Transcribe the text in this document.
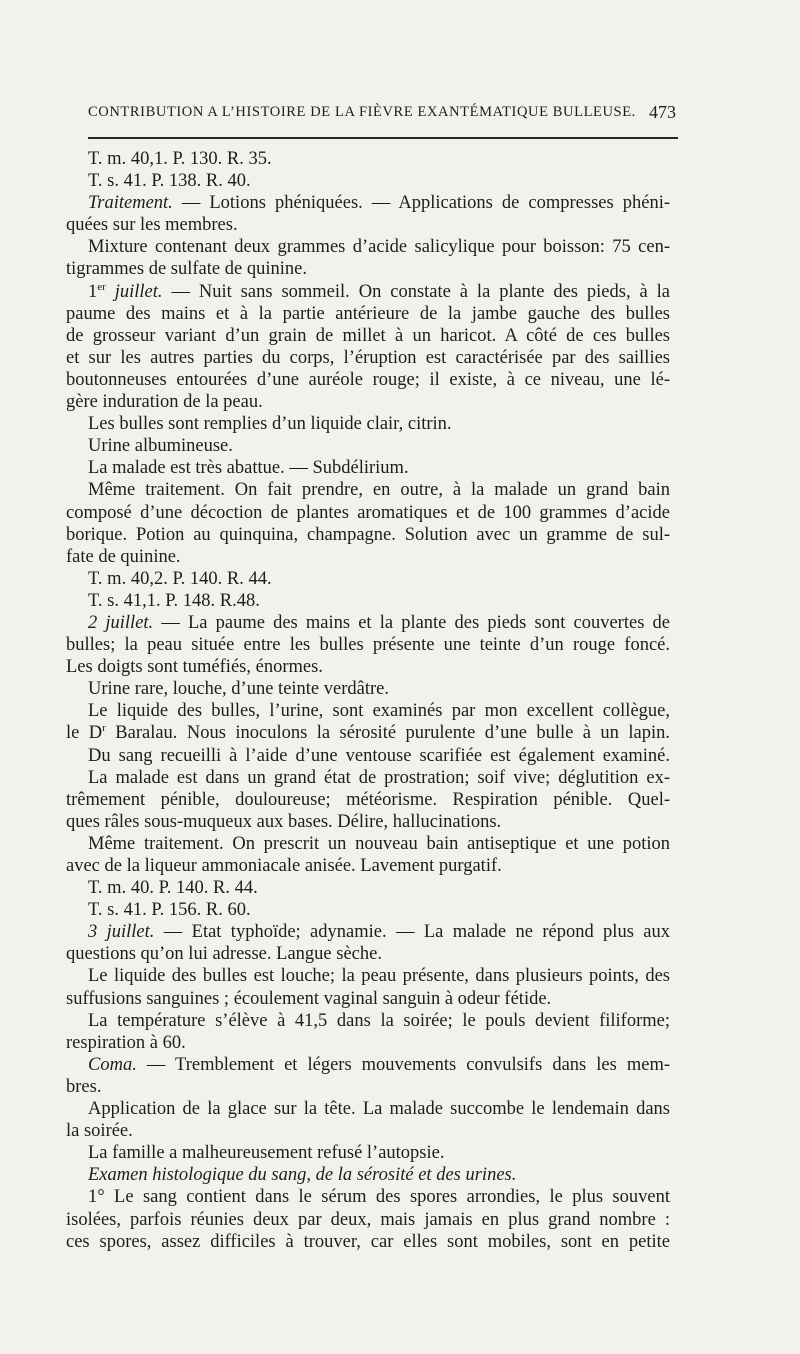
CONTRIBUTION A L’HISTOIRE DE LA FIÈVRE EXANTÉMATIQUE BULLEUSE. 473
T. m. 40,1. P. 130. R. 35.
T. s. 41. P. 138. R. 40.
Traitement. — Lotions phéniquées. — Applications de compresses phéni-
quées sur les membres.
Mixture contenant deux grammes d’acide salicylique pour boisson: 75 cen-
tigrammes de sulfate de quinine.
1er juillet. — Nuit sans sommeil. On constate à la plante des pieds, à la
paume des mains et à la partie antérieure de la jambe gauche des bulles
de grosseur variant d’un grain de millet à un haricot. A côté de ces bulles
et sur les autres parties du corps, l’éruption est caractérisée par des saillies
boutonneuses entourées d’une auréole rouge; il existe, à ce niveau, une lé-
gère induration de la peau.
Les bulles sont remplies d’un liquide clair, citrin.
Urine albumineuse.
La malade est très abattue. — Subdélirium.
Même traitement. On fait prendre, en outre, à la malade un grand bain
composé d’une décoction de plantes aromatiques et de 100 grammes d’acide
borique. Potion au quinquina, champagne. Solution avec un gramme de sul-
fate de quinine.
T. m. 40,2. P. 140. R. 44.
T. s. 41,1. P. 148. R.48.
2 juillet. — La paume des mains et la plante des pieds sont couvertes de
bulles; la peau située entre les bulles présente une teinte d’un rouge foncé.
Les doigts sont tuméfiés, énormes.
Urine rare, louche, d’une teinte verdâtre.
Le liquide des bulles, l’urine, sont examinés par mon excellent collègue,
le $D^r$ Baralau. Nous inoculons la sérosité purulente d’une bulle à un lapin.
Du sang recueilli à l’aide d’une ventouse scarifiée est également examiné.
La malade est dans un grand état de prostration; soif vive; déglutition ex-
trêmement pénible, douloureuse; météorisme. Respiration pénible. Quel-
ques râles sous-muqueux aux bases. Délire, hallucinations.
Même traitement. On prescrit un nouveau bain antiseptique et une potion
avec de la liqueur ammoniacale anisée. Lavement purgatif.
T. m. 40. P. 140. R. 44.
T. s. 41. P. 156. R. 60.
3 juillet. — Etat typhoïde; adynamie. — La malade ne répond plus aux
questions qu’on lui adresse. Langue sèche.
Le liquide des bulles est louche; la peau présente, dans plusieurs points, des
suffusions sanguines ; écoulement vaginal sanguin à odeur fétide.
La température s’élève à 41,5 dans la soirée; le pouls devient filiforme;
respiration à 60.
Coma. — Tremblement et légers mouvements convulsifs dans les mem-
bres.
Application de la glace sur la tête. La malade succombe le lendemain dans
la soirée.
La famille a malheureusement refusé l’autopsie.
Examen histologique du sang, de la sérosité et des urines.
1° Le sang contient dans le sérum des spores arrondies, le plus souvent
isolées, parfois réunies deux par deux, mais jamais en plus grand nombre :
ces spores, assez difficiles à trouver, car elles sont mobiles, sont en petite
